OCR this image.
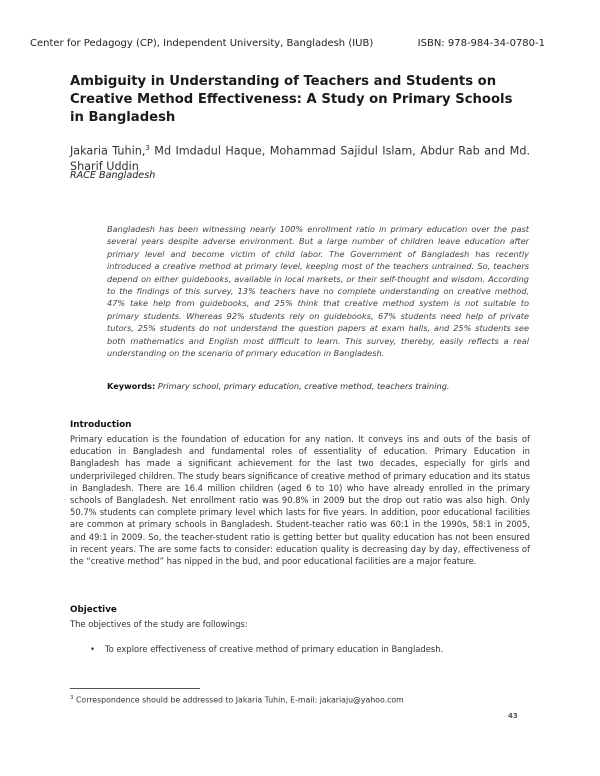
Center for Pedagogy (CP), Independent University, Bangladesh (IUB)	ISBN: 978-984-34-0780-1
Ambiguity in Understanding of Teachers and Students on Creative Method Effectiveness: A Study on Primary Schools in Bangladesh
Jakaria Tuhin,$^3$ Md Imdadul Haque, Mohammad Sajidul Islam, Abdur Rab and Md. Sharif Uddin
RACE Bangladesh

Bangladesh has been witnessing nearly 100% enrollment ratio in primary education over the past several years despite adverse environment. But a large number of children leave education after primary level and become victim of child labor. The Government of Bangladesh has recently introduced a creative method at primary level, keeping most of the teachers untrained. So, teachers depend on either guidebooks, available in local markets, or their self-thought and wisdom. According to the findings of this survey, 13% teachers have no complete understanding on creative method, 47% take help from guidebooks, and 25% think that creative method system is not suitable to primary students. Whereas 92% students rely on guidebooks, 67% students need help of private tutors, 25% students do not understand the question papers at exam halls, and 25% students see both mathematics and English most difficult to learn. This survey, thereby, easily reflects a real understanding on the scenario of primary education in Bangladesh.

Keywords: Primary school, primary education, creative method, teachers training.

Introduction

Primary education is the foundation of education for any nation. It conveys ins and outs of the basis of education in Bangladesh and fundamental roles of essentiality of education. Primary Education in Bangladesh has made a significant achievement for the last two decades, especially for girls and underprivileged children. The study bears significance of creative method of primary education and its status in Bangladesh. There are 16.4 million children (aged 6 to 10) who have already enrolled in the primary schools of Bangladesh. Net enrollment ratio was 90.8% in 2009 but the drop out ratio was also high. Only 50.7% students can complete primary level which lasts for five years. In addition, poor educational facilities are common at primary schools in Bangladesh. Student-teacher ratio was 60:1 in the 1990s, 58:1 in 2005, and 49:1 in 2009. So, the teacher-student ratio is getting better but quality education has not been ensured in recent years. The are some facts to consider: education quality is decreasing day by day, effectiveness of the “creative method” has nipped in the bud, and poor educational facilities are a major feature.

Objective

The objectives of the study are followings:

• To explore effectiveness of creative method of primary education in Bangladesh.
$^3$ Correspondence should be addressed to Jakaria Tuhin, E-mail: jakariaju@yahoo.com
43
